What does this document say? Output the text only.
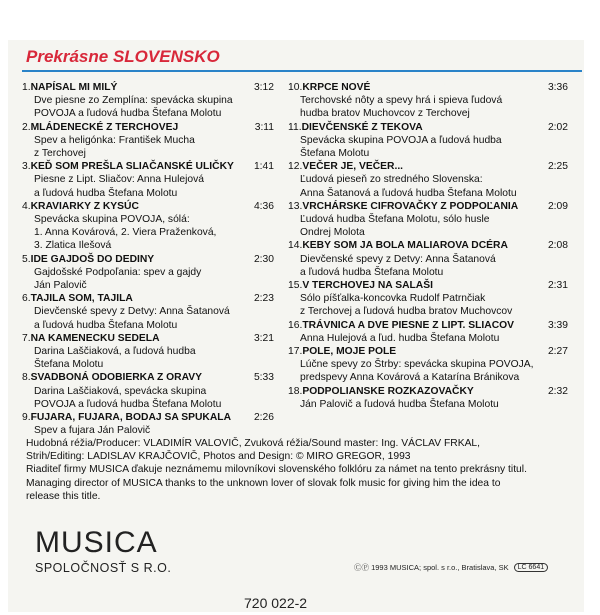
Prekrásne SLOVENSKO
1. NAPÍSAL MI MILÝ	3:12
Dve piesne zo Zemplína: spevácka skupina
POVOJA a ľudová hudba Štefana Molotu
2. MLÁDENECKÉ Z TERCHOVEJ	3:11
Spev a heligónka: František Mucha
z Terchovej
3. KEĎ SOM PREŠLA SLIAČANSKÉ ULIČKY	1:41
Piesne z Lipt. Sliačov: Anna Hulejová
a ľudová hudba Štefana Molotu
4. KRAVIARKY Z KYSÚC	4:36
Spevácka skupina POVOJA, sólá:
1. Anna Kovárová, 2. Viera Praženková,
3. Zlatica Ilešová
5. IDE GAJDOŠ DO DEDINY	2:30
Gajdošské Podpoľania: spev a gajdy
Ján Palovič
6. TAJILA SOM, TAJILA	2:23
Dievčenské spevy z Detvy: Anna Šatanová
a ľudová hudba Štefana Molotu
7. NA KAMENECKU SEDELA	3:21
Darina Laščiaková, a ľudová hudba
Štefana Molotu
8. SVADBONÁ ODOBIERKA Z ORAVY	5:33
Darina Laščiaková, spevácka skupina
POVOJA a ľudová hudba Štefana Molotu
9. FUJARA, FUJARA, BODAJ SA SPUKALA	2:26
Spev a fujara Ján Palovič
10. KRPCE NOVÉ	3:36
Terchovské nôty a spevy hrá i spieva ľudová
hudba bratov Muchovcov z Terchovej
11. DIEVČENSKÉ Z TEKOVA	2:02
Spevácka skupina POVOJA a ľudová hudba
Štefana Molotu
12. VEČER JE, VEČER...	2:25
Ľudová pieseň zo stredného Slovenska:
Anna Šatanová a ľudová hudba Štefana Molotu
13. VRCHÁRSKE CIFROVAČKY Z PODPOĽANIA	2:09
Ľudová hudba Štefana Molotu, sólo husle
Ondrej Molota
14. KEBY SOM JA BOLA MALIAROVA DCÉRA	2:08
Dievčenské spevy z Detvy: Anna Šatanová
a ľudová hudba Štefana Molotu
15. V TERCHOVEJ NA SALAŠI	2:31
Sólo píšťalka-koncovka Rudolf Patrnčiak
z Terchovej a ľudová hudba bratov Muchovcov
16. TRÁVNICA A DVE PIESNE Z LIPT. SLIACOV	3:39
Anna Hulejová a ľud. hudba Štefana Molotu
17. POLE, MOJE POLE	2:27
Lúčne spevy zo Štrby: spevácka skupina POVOJA,
predspevy Anna Kovárová a Katarína Bránikova
18. PODPOLIANSKE ROZKAZOVAČKY	2:32
Ján Palovič a ľudová hudba Štefana Molotu
Hudobná réžia/Producer: VLADIMÍR VALOVIČ, Zvuková réžia/Sound master: Ing. VÁCLAV FRKAL,
Strih/Editing: LADISLAV KRAJČOVIČ, Photos and Design: © MIRO GREGOR, 1993
Riaditeľ firmy MUSICA ďakuje neznámemu milovníkovi slovenského folklóru za námet na tento prekrásny titul.
Managing director of MUSICA thanks to the unknown lover of slovak folk music for giving him the idea to
release this title.
MUSICA
SPOLOČNOSŤ S R.O.	ⒸⓅ 1993 MUSICA; spol. s r.o., Bratislava, SK	LC 6641
720 022-2
